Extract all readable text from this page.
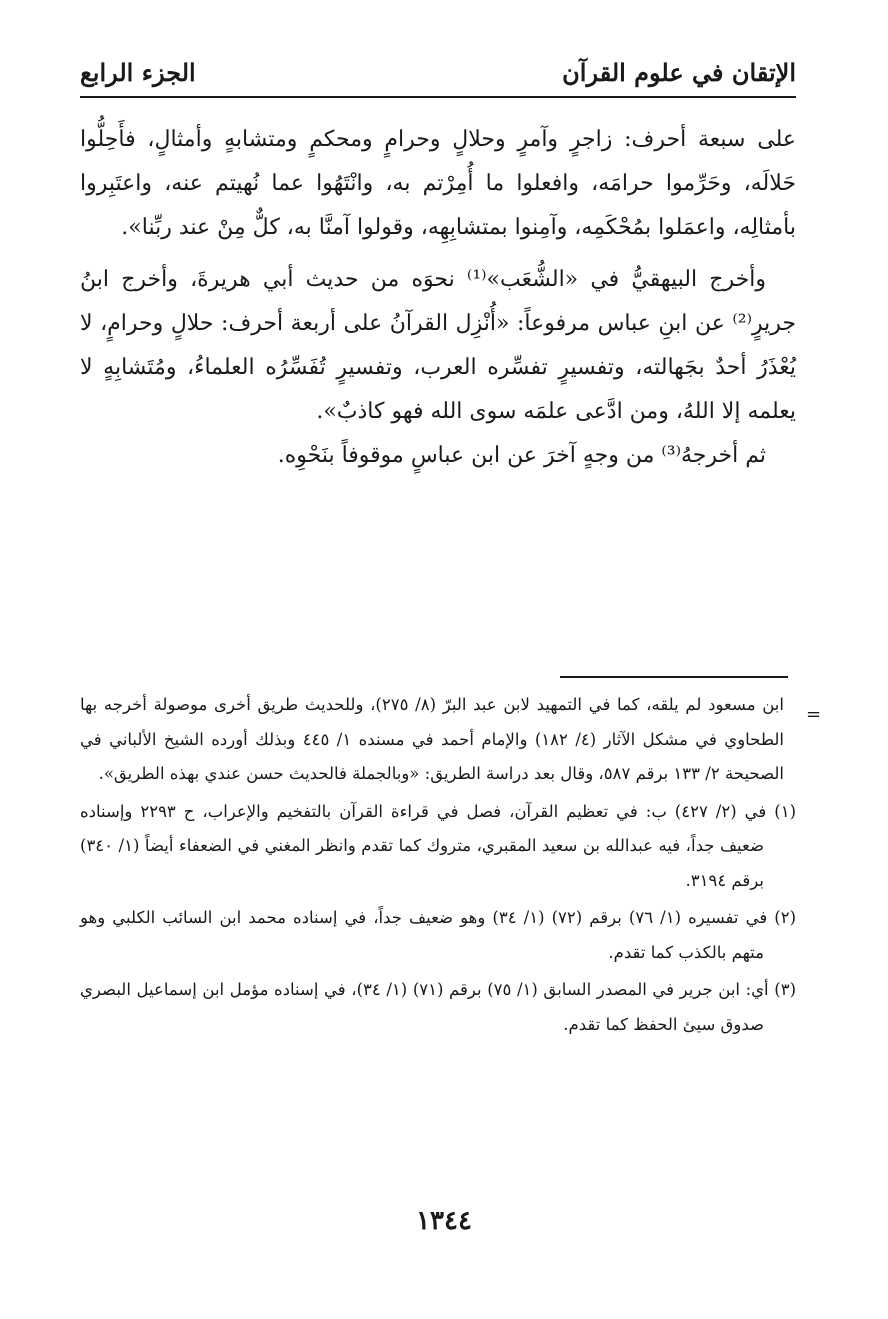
الإتقان في علوم القرآن
الجزء الرابع

على سبعة أحرف: زاجرٍ وآمرٍ وحلالٍ وحرامٍ ومحكمٍ ومتشابهٍ وأمثالٍ، فأَحِلُّوا حَلالَه، وحَرِّموا حرامَه، وافعلوا ما أُمِرْتم به، وانْتَهُوا عما نُهيتم عنه، واعتَبِروا بأمثالِه، واعمَلوا بمُحْكَمِه، وآمِنوا بمتشابِهِه، وقولوا آمنَّا به، كلٌّ مِنْ عند ربِّنا».

وأخرج البيهقيُّ في «الشُّعَب»⁽¹⁾ نحوَه من حديث أبي هريرةَ، وأخرج ابنُ جريرٍ⁽²⁾ عن ابنِ عباس مرفوعاً: «أُنْزِل القرآنُ على أربعة أحرف: حلالٍ وحرامٍ، لا يُعْذَرُ أحدٌ بجَهالته، وتفسيرٍ تفسِّره العرب، وتفسيرٍ تُفَسِّرُه العلماءُ، ومُتَشابِهٍ لا يعلمه إلا اللهُ، ومن ادَّعى علمَه سوى الله فهو كاذبٌ».

ثم أخرجهُ⁽³⁾ من وجهٍ آخرَ عن ابن عباسٍ موقوفاً بنَحْوِه.

=

ابن مسعود لم يلقه، كما في التمهيد لابن عبد البرّ (٨/ ٢٧٥)، وللحديث طريق أخرى موصولة أخرجه بها الطحاوي في مشكل الآثار (٤/ ١٨٢) والإمام أحمد في مسنده ١/ ٤٤٥ وبذلك أورده الشيخ الألباني في الصحيحة ٢/ ١٣٣ برقم ٥٨٧، وقال بعد دراسة الطريق: «وبالجملة فالحديث حسن عندي بهذه الطريق».

(١) في (٢/ ٤٢٧) ب: في تعظيم القرآن، فصل في قراءة القرآن بالتفخيم والإعراب، ح ٢٢٩٣ وإسناده ضعيف جداً، فيه عبدالله بن سعيد المقبري، متروك كما تقدم وانظر المغني في الضعفاء أيضاً (١/ ٣٤٠) برقم ٣١٩٤.

(٢) في تفسيره (١/ ٧٦) برقم (٧٢) (١/ ٣٤) وهو ضعيف جداً، في إسناده محمد ابن السائب الكلبي وهو متهم بالكذب كما تقدم.

(٣) أي: ابن جرير في المصدر السابق (١/ ٧٥) برقم (٧١) (١/ ٣٤)، في إسناده مؤمل ابن إسماعيل البصري صدوق سيئ الحفظ كما تقدم.

١٣٤٤
